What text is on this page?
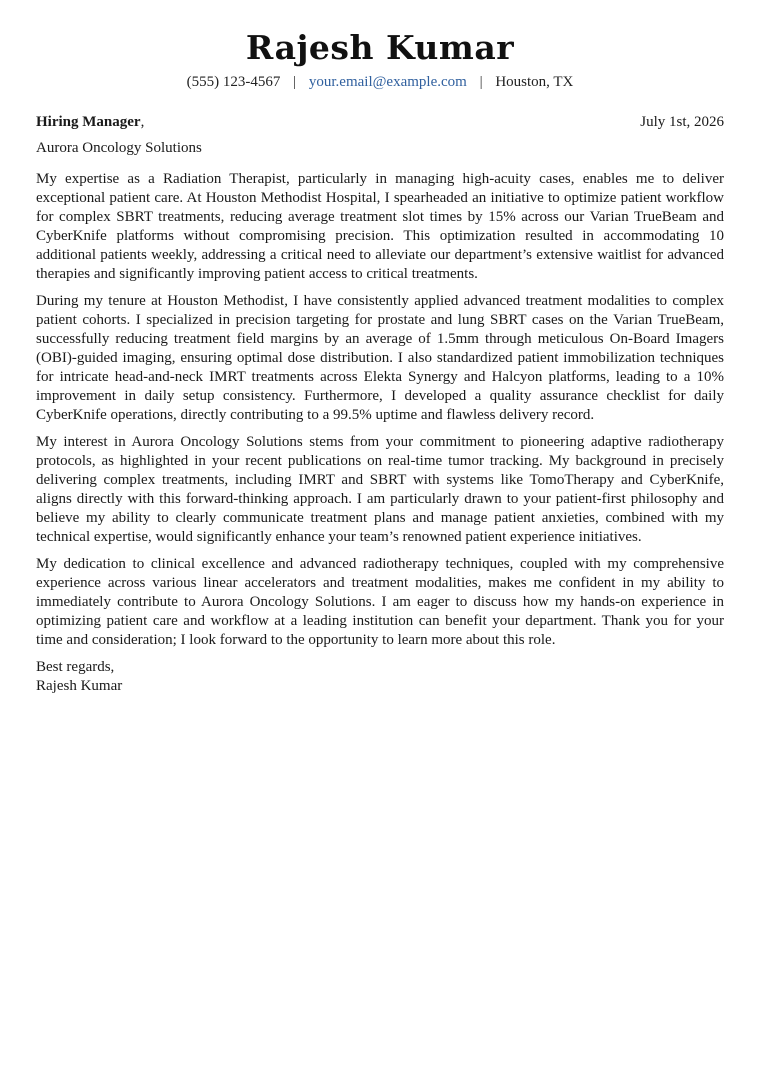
Rajesh Kumar
(555) 123-4567 | your.email@example.com | Houston, TX
Hiring Manager,	July 1st, 2026
Aurora Oncology Solutions

My expertise as a Radiation Therapist, particularly in managing high-acuity cases, enables me to deliver exceptional patient care. At Houston Methodist Hospital, I spearheaded an initiative to optimize patient workflow for complex SBRT treatments, reducing average treatment slot times by 15% across our Varian TrueBeam and CyberKnife platforms without compromising precision. This optimization resulted in accommodating 10 additional patients weekly, addressing a critical need to alleviate our department’s extensive waitlist for advanced therapies and significantly improving patient access to critical treatments.

During my tenure at Houston Methodist, I have consistently applied advanced treatment modalities to complex patient cohorts. I specialized in precision targeting for prostate and lung SBRT cases on the Varian TrueBeam, successfully reducing treatment field margins by an average of 1.5mm through meticulous On-Board Imagers (OBI)-guided imaging, ensuring optimal dose distribution. I also standardized patient immobilization techniques for intricate head-and-neck IMRT treatments across Elekta Synergy and Halcyon platforms, leading to a 10% improvement in daily setup consistency. Furthermore, I developed a quality assurance checklist for daily CyberKnife operations, directly contributing to a 99.5% uptime and flawless delivery record.

My interest in Aurora Oncology Solutions stems from your commitment to pioneering adaptive radiotherapy protocols, as highlighted in your recent publications on real-time tumor tracking. My background in precisely delivering complex treatments, including IMRT and SBRT with systems like TomoTherapy and CyberKnife, aligns directly with this forward-thinking approach. I am particularly drawn to your patient-first philosophy and believe my ability to clearly communicate treatment plans and manage patient anxieties, combined with my technical expertise, would significantly enhance your team’s renowned patient experience initiatives.

My dedication to clinical excellence and advanced radiotherapy techniques, coupled with my comprehensive experience across various linear accelerators and treatment modalities, makes me confident in my ability to immediately contribute to Aurora Oncology Solutions. I am eager to discuss how my hands-on experience in optimizing patient care and workflow at a leading institution can benefit your department. Thank you for your time and consideration; I look forward to the opportunity to learn more about this role.

Best regards,
Rajesh Kumar
